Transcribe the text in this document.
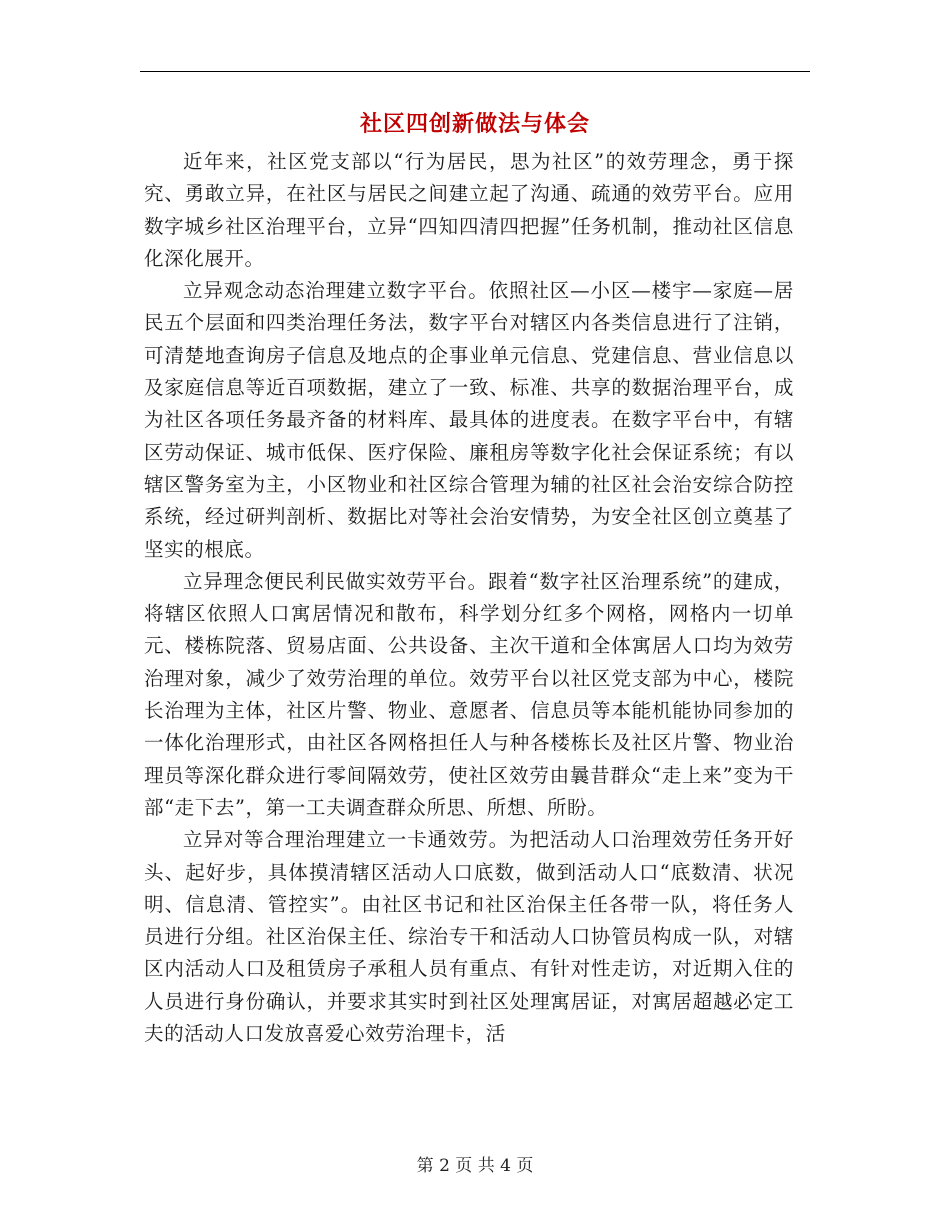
社区四创新做法与体会

近年来，社区党支部以“行为居民，思为社区”的效劳理念，勇于探究、勇敢立异，在社区与居民之间建立起了沟通、疏通的效劳平台。应用数字城乡社区治理平台，立异“四知四清四把握”任务机制，推动社区信息化深化展开。

立异观念动态治理建立数字平台。依照社区—小区—楼宇—家庭—居民五个层面和四类治理任务法，数字平台对辖区内各类信息进行了注销，可清楚地查询房子信息及地点的企事业单元信息、党建信息、营业信息以及家庭信息等近百项数据，建立了一致、标准、共享的数据治理平台，成为社区各项任务最齐备的材料库、最具体的进度表。在数字平台中，有辖区劳动保证、城市低保、医疗保险、廉租房等数字化社会保证系统；有以辖区警务室为主，小区物业和社区综合管理为辅的社区社会治安综合防控系统，经过研判剖析、数据比对等社会治安情势，为安全社区创立奠基了坚实的根底。

立异理念便民利民做实效劳平台。跟着“数字社区治理系统”的建成，将辖区依照人口寓居情况和散布，科学划分红多个网格，网格内一切单元、楼栋院落、贸易店面、公共设备、主次干道和全体寓居人口均为效劳治理对象，减少了效劳治理的单位。效劳平台以社区党支部为中心，楼院长治理为主体，社区片警、物业、意愿者、信息员等本能机能协同参加的一体化治理形式，由社区各网格担任人与种各楼栋长及社区片警、物业治理员等深化群众进行零间隔效劳，使社区效劳由曩昔群众“走上来”变为干部“走下去”，第一工夫调查群众所思、所想、所盼。

立异对等合理治理建立一卡通效劳。为把活动人口治理效劳任务开好头、起好步，具体摸清辖区活动人口底数，做到活动人口“底数清、状况明、信息清、管控实”。由社区书记和社区治保主任各带一队，将任务人员进行分组。社区治保主任、综治专干和活动人口协管员构成一队，对辖区内活动人口及租赁房子承租人员有重点、有针对性走访，对近期入住的人员进行身份确认，并要求其实时到社区处理寓居证，对寓居超越必定工夫的活动人口发放喜爱心效劳治理卡，活

第 2 页 共 4 页
